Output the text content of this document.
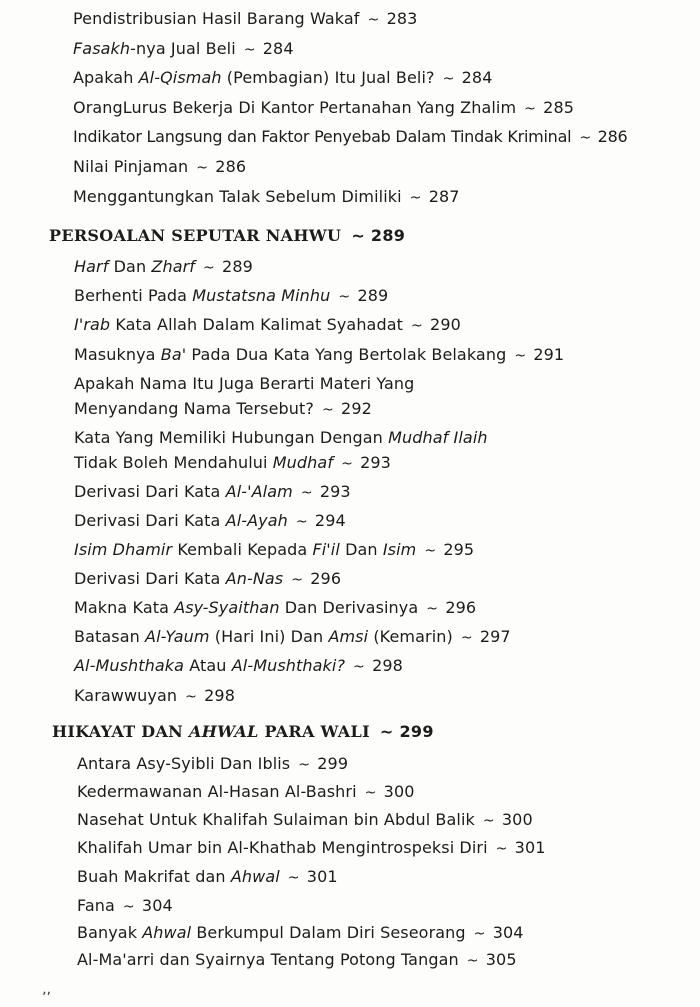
Pendistribusian Hasil Barang Wakaf ~ 283
Fasakh-nya Jual Beli ~ 284
Apakah Al-Qismah (Pembagian) Itu Jual Beli? ~ 284
OrangLurus Bekerja Di Kantor Pertanahan Yang Zhalim ~ 285
Indikator Langsung dan Faktor Penyebab Dalam Tindak Kriminal ~ 286
Nilai Pinjaman ~ 286
Menggantungkan Talak Sebelum Dimiliki ~ 287
PERSOALAN SEPUTAR NAHWU ~ 289
Harf Dan Zharf ~ 289
Berhenti Pada Mustatsna Minhu ~ 289
I'rab Kata Allah Dalam Kalimat Syahadat ~ 290
Masuknya Ba' Pada Dua Kata Yang Bertolak Belakang ~ 291
Apakah Nama Itu Juga Berarti Materi Yang
Menyandang Nama Tersebut? ~ 292
Kata Yang Memiliki Hubungan Dengan Mudhaf Ilaih
Tidak Boleh Mendahului Mudhaf ~ 293
Derivasi Dari Kata Al-'Alam ~ 293
Derivasi Dari Kata Al-Ayah ~ 294
Isim Dhamir Kembali Kepada Fi'il Dan Isim ~ 295
Derivasi Dari Kata An-Nas ~ 296
Makna Kata Asy-Syaithan Dan Derivasinya ~ 296
Batasan Al-Yaum (Hari Ini) Dan Amsi (Kemarin) ~ 297
Al-Mushthaka Atau Al-Mushthaki? ~ 298
Karawwuyan ~ 298
HIKAYAT DAN AHWAL PARA WALI ~ 299
Antara Asy-Syibli Dan Iblis ~ 299
Kedermawanan Al-Hasan Al-Bashri ~ 300
Nasehat Untuk Khalifah Sulaiman bin Abdul Balik ~ 300
Khalifah Umar bin Al-Khathab Mengintrospeksi Diri ~ 301
Buah Makrifat dan Ahwal ~ 301
Fana ~ 304
Banyak Ahwal Berkumpul Dalam Diri Seseorang ~ 304
Al-Ma'arri dan Syairnya Tentang Potong Tangan ~ 305
ʼʼ
